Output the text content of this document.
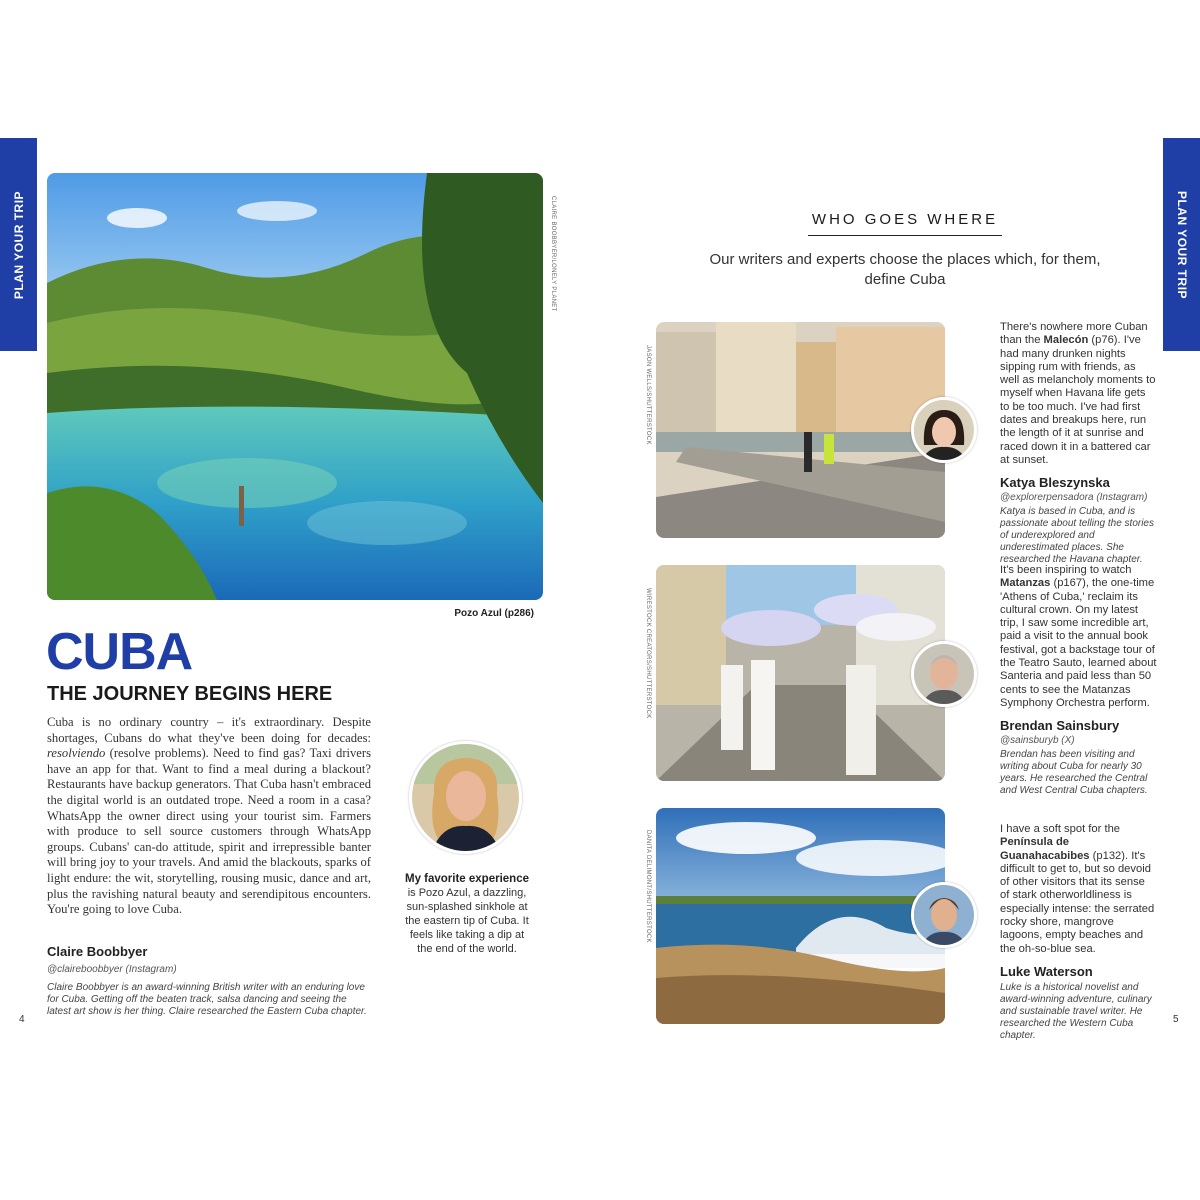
PLAN YOUR TRIP	PLAN YOUR TRIP
CLAIRE BOOBBYER/LONELY PLANET
Pozo Azul (p286)
CUBA
THE JOURNEY BEGINS HERE

Cuba is no ordinary country – it's extraordinary. Despite shortages, Cubans do what they've been doing for decades: resolviendo (resolve problems). Need to find gas? Taxi drivers have an app for that. Want to find a meal during a blackout? Restaurants have backup generators. That Cuba hasn't embraced the digital world is an outdated trope. Need a room in a casa? WhatsApp the owner direct using your tourist sim. Farmers with produce to sell source customers through WhatsApp groups. Cubans' can-do attitude, spirit and irrepressible banter will bring joy to your travels. And amid the blackouts, sparks of light endure: the wit, storytelling, rousing music, dance and art, plus the ravishing natural beauty and serendipitous encounters. You're going to love Cuba.

Claire Boobbyer
@claireboobbyer (Instagram)
Claire Boobbyer is an award-winning British writer with an enduring love for Cuba. Getting off the beaten track, salsa dancing and seeing the latest art show is her thing. Claire researched the Eastern Cuba chapter.
My favorite experience is Pozo Azul, a dazzling, sun-splashed sinkhole at the eastern tip of Cuba. It feels like taking a dip at the end of the world.
4
WHO GOES WHERE
Our writers and experts choose the places which, for them, define Cuba
JASON WELLS/SHUTTERSTOCK

There's nowhere more Cuban than the Malecón (p76). I've had many drunken nights sipping rum with friends, as well as melancholy moments to myself when Havana life gets to be too much. I've had first dates and breakups here, run the length of it at sunrise and raced down it in a battered car at sunset.

Katya Bleszynska
@explorerpensadora (Instagram)
Katya is based in Cuba, and is passionate about telling the stories of underexplored and underestimated places. She researched the Havana chapter.
WIRESTOCK CREATORS/SHUTTERSTOCK

It's been inspiring to watch Matanzas (p167), the one-time 'Athens of Cuba,' reclaim its cultural crown. On my latest trip, I saw some incredible art, paid a visit to the annual book festival, got a backstage tour of the Teatro Sauto, learned about Santeria and paid less than 50 cents to see the Matanzas Symphony Orchestra perform.

Brendan Sainsbury
@sainsburyb (X)
Brendan has been visiting and writing about Cuba for nearly 30 years. He researched the Central and West Central Cuba chapters.
DANITA DELIMONT/SHUTTERSTOCK

I have a soft spot for the Península de Guanahacabibes (p132). It's difficult to get to, but so devoid of other visitors that its sense of stark otherworldliness is especially intense: the serrated rocky shore, mangrove lagoons, empty beaches and the oh-so-blue sea.

Luke Waterson
Luke is a historical novelist and award-winning adventure, culinary and sustainable travel writer. He researched the Western Cuba chapter.
5
